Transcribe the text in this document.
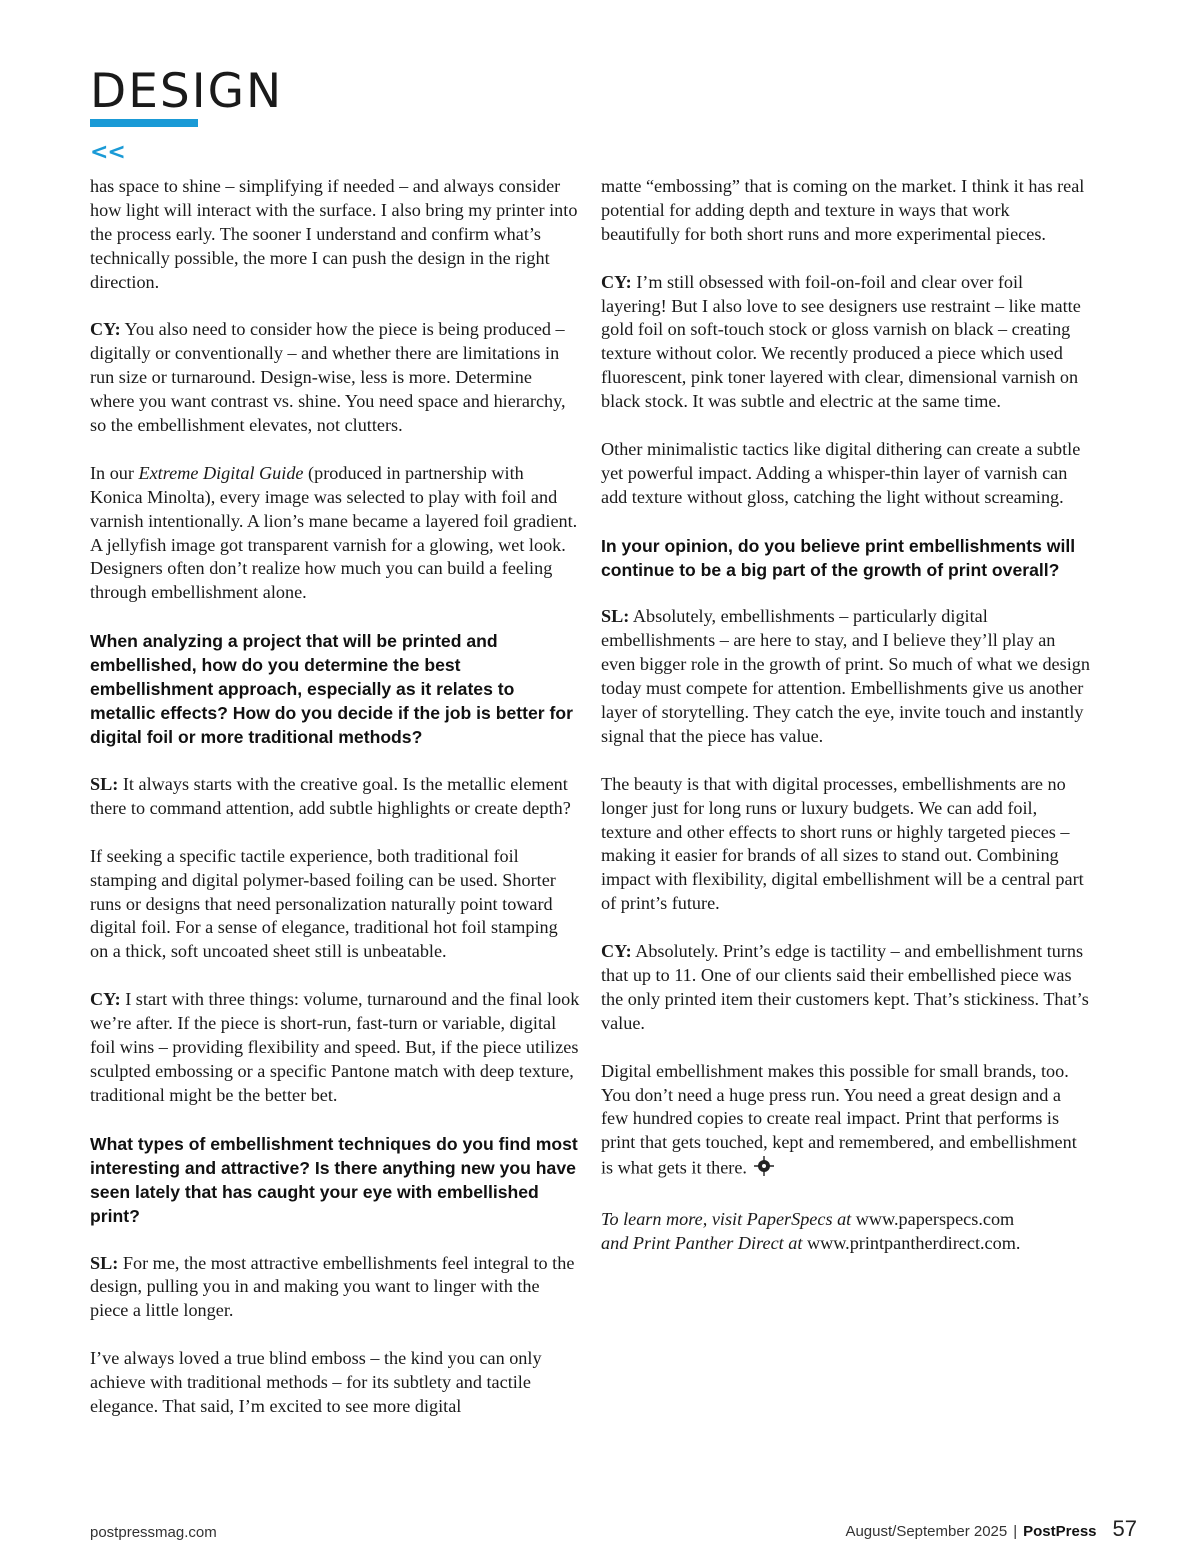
DESIGN
<<

has space to shine – simplifying if needed – and always consider how light will interact with the surface. I also bring my printer into the process early. The sooner I understand and confirm what’s technically possible, the more I can push the design in the right direction.

CY: You also need to consider how the piece is being produced – digitally or conventionally – and whether there are limitations in run size or turnaround. Design-wise, less is more. Determine where you want contrast vs. shine. You need space and hierarchy, so the embellishment elevates, not clutters.

In our Extreme Digital Guide (produced in partnership with Konica Minolta), every image was selected to play with foil and varnish intentionally. A lion’s mane became a layered foil gradient. A jellyfish image got transparent varnish for a glowing, wet look. Designers often don’t realize how much you can build a feeling through embellishment alone.

When analyzing a project that will be printed and embellished, how do you determine the best embellishment approach, especially as it relates to metallic effects? How do you decide if the job is better for digital foil or more traditional methods?

SL: It always starts with the creative goal. Is the metallic element there to command attention, add subtle highlights or create depth?

If seeking a specific tactile experience, both traditional foil stamping and digital polymer-based foiling can be used. Shorter runs or designs that need personalization naturally point toward digital foil. For a sense of elegance, traditional hot foil stamping on a thick, soft uncoated sheet still is unbeatable.

CY: I start with three things: volume, turnaround and the final look we’re after. If the piece is short-run, fast-turn or variable, digital foil wins – providing flexibility and speed. But, if the piece utilizes sculpted embossing or a specific Pantone match with deep texture, traditional might be the better bet.

What types of embellishment techniques do you find most interesting and attractive? Is there anything new you have seen lately that has caught your eye with embellished print?

SL: For me, the most attractive embellishments feel integral to the design, pulling you in and making you want to linger with the piece a little longer.

I’ve always loved a true blind emboss – the kind you can only achieve with traditional methods – for its subtlety and tactile elegance. That said, I’m excited to see more digital

matte “embossing” that is coming on the market. I think it has real potential for adding depth and texture in ways that work beautifully for both short runs and more experimental pieces.

CY: I’m still obsessed with foil-on-foil and clear over foil layering! But I also love to see designers use restraint – like matte gold foil on soft-touch stock or gloss varnish on black – creating texture without color. We recently produced a piece which used fluorescent, pink toner layered with clear, dimensional varnish on black stock. It was subtle and electric at the same time.

Other minimalistic tactics like digital dithering can create a subtle yet powerful impact. Adding a whisper-thin layer of varnish can add texture without gloss, catching the light without screaming.

In your opinion, do you believe print embellishments will continue to be a big part of the growth of print overall?

SL: Absolutely, embellishments – particularly digital embellishments – are here to stay, and I believe they’ll play an even bigger role in the growth of print. So much of what we design today must compete for attention. Embellishments give us another layer of storytelling. They catch the eye, invite touch and instantly signal that the piece has value.

The beauty is that with digital processes, embellishments are no longer just for long runs or luxury budgets. We can add foil, texture and other effects to short runs or highly targeted pieces – making it easier for brands of all sizes to stand out. Combining impact with flexibility, digital embellishment will be a central part of print’s future.

CY: Absolutely. Print’s edge is tactility – and embellishment turns that up to 11. One of our clients said their embellished piece was the only printed item their customers kept. That’s stickiness. That’s value.

Digital embellishment makes this possible for small brands, too. You don’t need a huge press run. You need a great design and a few hundred copies to create real impact. Print that performs is print that gets touched, kept and remembered, and embellishment is what gets it there.

To learn more, visit PaperSpecs at www.paperspecs.com
and Print Panther Direct at www.printpantherdirect.com.

postpressmag.com	August/September 2025 | PostPress 57
